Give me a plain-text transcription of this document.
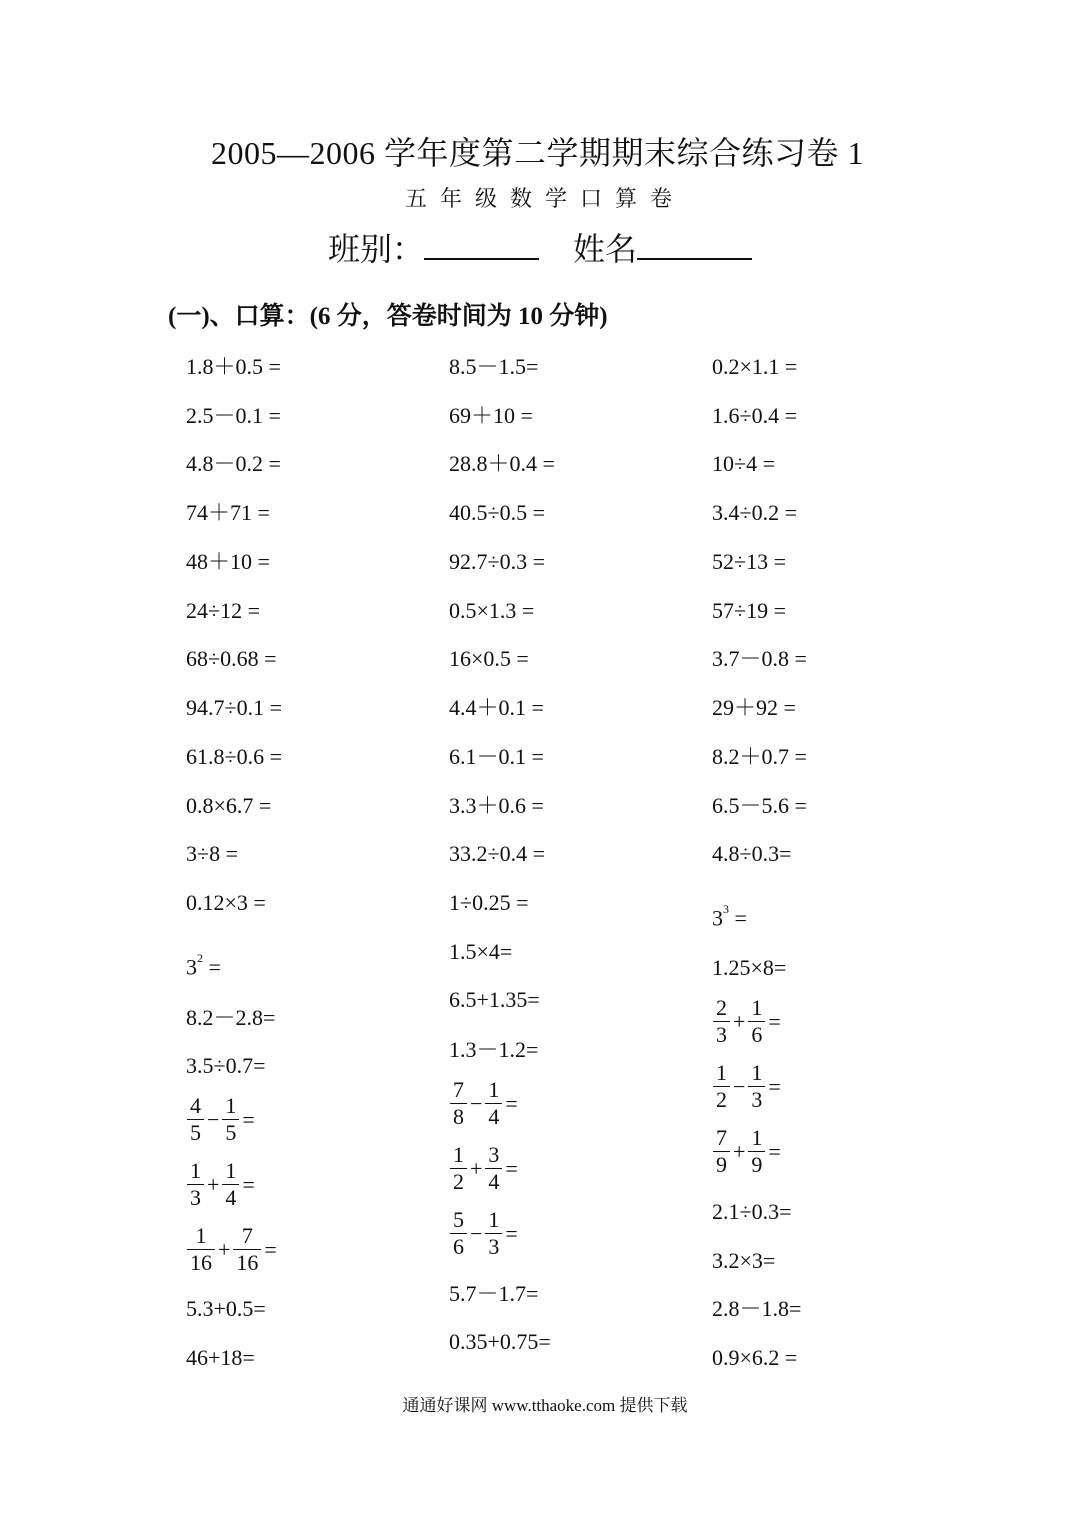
2005—2006 学年度第二学期期末综合练习卷 1
五年级数学口算卷
班别：	姓名
(一)、口算：(6 分，答卷时间为 10 分钟)
1.8＋0.5 =
2.5－0.1 =
4.8－0.2 =
74＋71 =
48＋10 =
24÷12 =
68÷0.68 =
94.7÷0.1 =
61.8÷0.6 =
0.8×6.7 =
3÷8 =
0.12×3 =
$3^2$ =
8.2－2.8=
3.5÷0.7=
$\frac{4}{5} - \frac{1}{5}$ =
$\frac{1}{3} + \frac{1}{4}$ =
$\frac{1}{16} + \frac{7}{16}$ =
5.3+0.5=
46+18=
8.5－1.5=
69＋10 =
28.8＋0.4 =
40.5÷0.5 =
92.7÷0.3 =
0.5×1.3 =
16×0.5 =
4.4＋0.1 =
6.1－0.1 =
3.3＋0.6 =
33.2÷0.4 =
1÷0.25 =
1.5×4=
6.5+1.35=
1.3－1.2=
$\frac{7}{8} - \frac{1}{4}$ =
$\frac{1}{2} + \frac{3}{4}$ =
$\frac{5}{6} - \frac{1}{3}$ =
5.7－1.7=
0.35+0.75=
0.2×1.1 =
1.6÷0.4 =
10÷4 =
3.4÷0.2 =
52÷13 =
57÷19 =
3.7－0.8 =
29＋92 =
8.2＋0.7 =
6.5－5.6 =
4.8÷0.3=
$3^3$ =
1.25×8=
$\frac{2}{3} + \frac{1}{6}$ =
$\frac{1}{2} - \frac{1}{3}$ =
$\frac{7}{9} + \frac{1}{9}$ =
2.1÷0.3=
3.2×3=
2.8－1.8=
0.9×6.2 =
通通好课网 www.tthaoke.com 提供下载
